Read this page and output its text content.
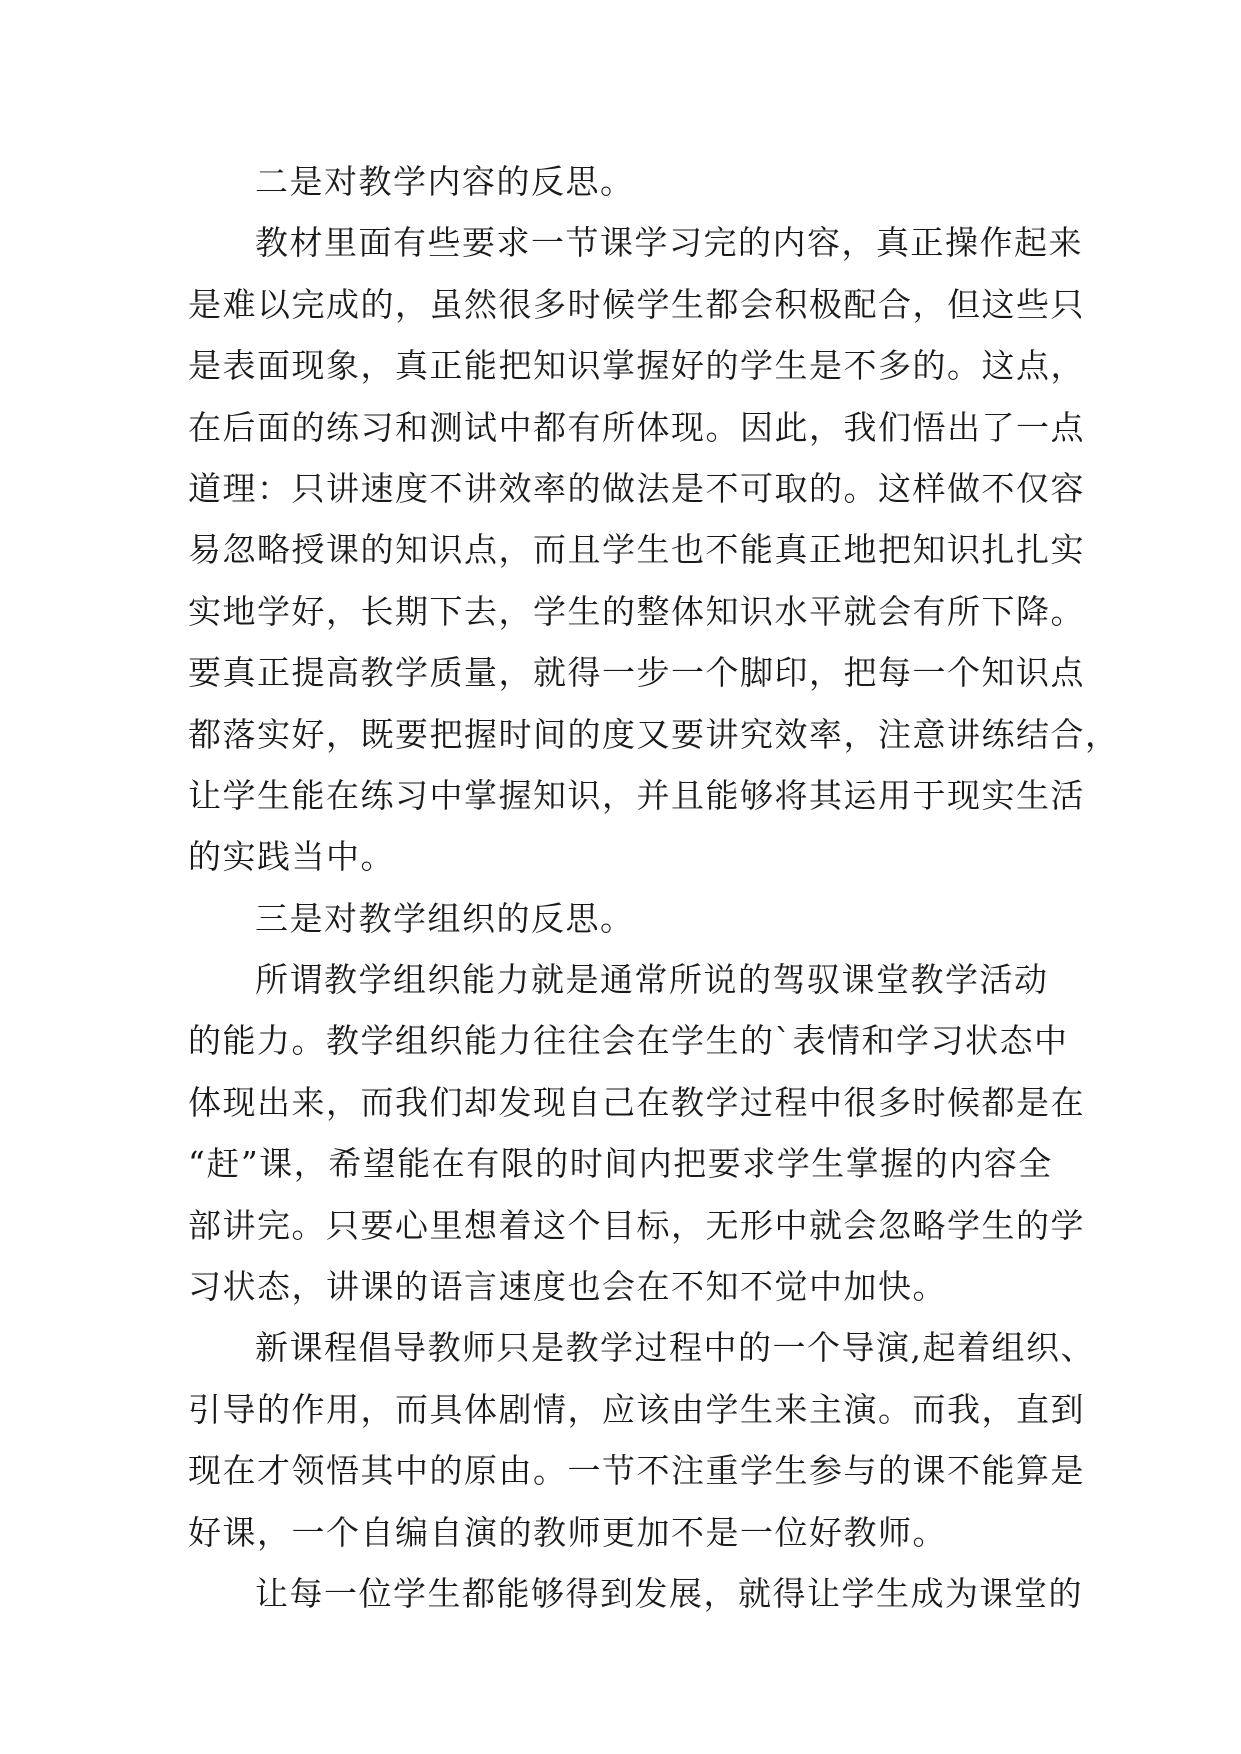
二是对教学内容的反思。
教材里面有些要求一节课学习完的内容，真正操作起来
是难以完成的，虽然很多时候学生都会积极配合，但这些只
是表面现象，真正能把知识掌握好的学生是不多的。这点，
在后面的练习和测试中都有所体现。因此，我们悟出了一点
道理：只讲速度不讲效率的做法是不可取的。这样做不仅容
易忽略授课的知识点，而且学生也不能真正地把知识扎扎实
实地学好，长期下去，学生的整体知识水平就会有所下降。
要真正提高教学质量，就得一步一个脚印，把每一个知识点
都落实好，既要把握时间的度又要讲究效率，注意讲练结合，
让学生能在练习中掌握知识，并且能够将其运用于现实生活
的实践当中。
三是对教学组织的反思。
所谓教学组织能力就是通常所说的驾驭课堂教学活动
的能力。教学组织能力往往会在学生的`表情和学习状态中
体现出来，而我们却发现自己在教学过程中很多时候都是在
“赶”课，希望能在有限的时间内把要求学生掌握的内容全
部讲完。只要心里想着这个目标，无形中就会忽略学生的学
习状态，讲课的语言速度也会在不知不觉中加快。
新课程倡导教师只是教学过程中的一个导演,起着组织、
引导的作用，而具体剧情，应该由学生来主演。而我，直到
现在才领悟其中的原由。一节不注重学生参与的课不能算是
好课，一个自编自演的教师更加不是一位好教师。
让每一位学生都能够得到发展，就得让学生成为课堂的
